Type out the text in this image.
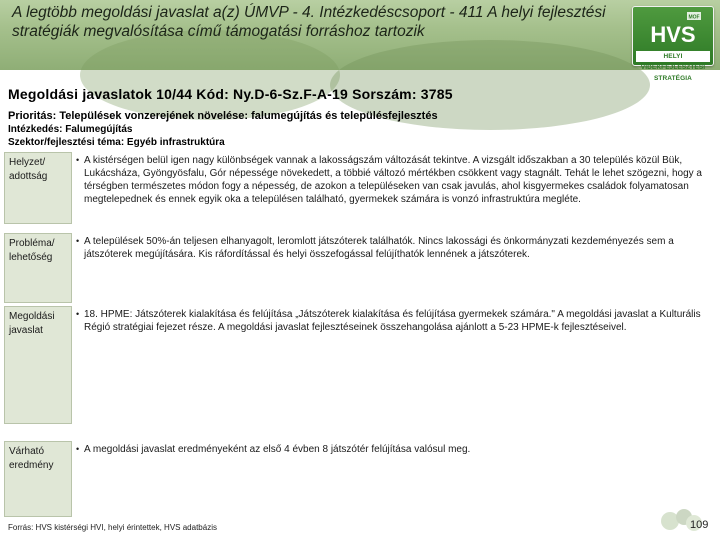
A legtöbb megoldási javaslat a(z) ÚMVP - 4. Intézkedéscsoport - 411 A helyi fejlesztési stratégiák megvalósítása című támogatási forráshoz tartozik
MOF
HVS
HELYI VIDÉKFEJLESZTÉSI STRATÉGIA
Megoldási javaslatok 10/44 Kód: Ny.D-6-Sz.F-A-19 Sorszám: 3785
Prioritás: Települések vonzerejének növelése: falumegújítás és településfejlesztés
Intézkedés: Falumegújítás
Szektor/fejlesztési téma: Egyéb infrastruktúra
Helyzet/ adottság
• A kistérségen belül igen nagy különbségek vannak a lakosságszám változását tekintve. A vizsgált időszakban a 30 település közül Bük, Lukácsháza, Gyöngyösfalu, Gór népessége növekedett, a többié változó mértékben csökkent vagy stagnált. Tehát le lehet szögezni, hogy a térségben természetes módon fogy a népesség, de azokon a településeken van csak javulás, ahol kisgyermekes családok folyamatosan megtelepednek és ennek egyik oka a településen található, gyermekek számára is vonzó infrastruktúra megléte.
Probléma/ lehetőség
• A települések 50%-án teljesen elhanyagolt, leromlott játszóterek találhatók. Nincs lakossági és önkormányzati kezdeményezés sem a játszóterek megújítására. Kis ráfordítással és helyi összefogással felújíthatók lennének a játszóterek.
Megoldási javaslat
• 18. HPME: Játszóterek kialakítása és felújítása „Játszóterek kialakítása és felújítása gyermekek számára." A megoldási javaslat a Kulturális Régió stratégiai fejezet része. A megoldási javaslat fejlesztéseinek összehangolása ajánlott a 5-23 HPME-k fejlesztéseivel.
Várható eredmény
• A megoldási javaslat eredményeként az első 4 évben 8 játszótér felújítása valósul meg.
Forrás: HVS kistérségi HVI, helyi érintettek, HVS adatbázis	109
